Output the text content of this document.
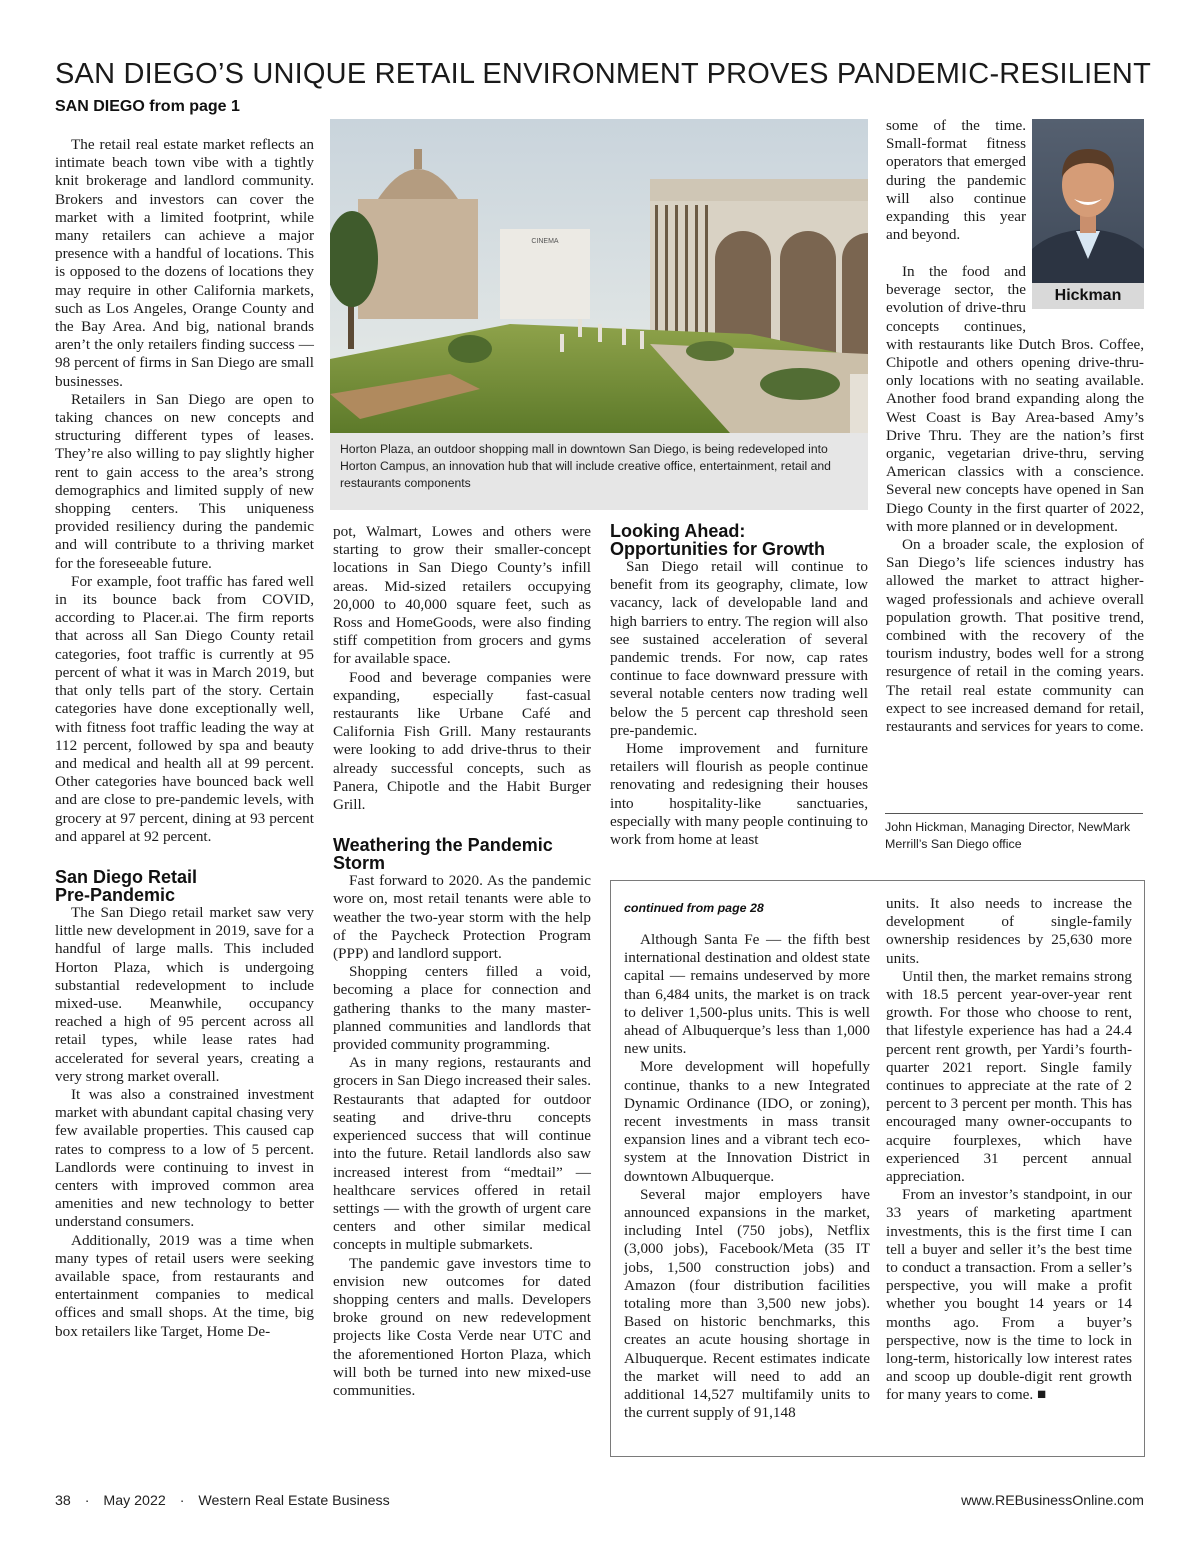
SAN DIEGO’S UNIQUE RETAIL ENVIRONMENT PROVES PANDEMIC-RESILIENT
SAN DIEGO from page 1

The retail real estate market reflects an intimate beach town vibe with a tightly knit brokerage and landlord community. Brokers and investors can cover the market with a limited footprint, while many retailers can achieve a major presence with a handful of locations. This is opposed to the dozens of locations they may require in other California markets, such as Los Angeles, Orange County and the Bay Area. And big, national brands aren’t the only retailers finding success — 98 percent of firms in San Diego are small businesses.

Retailers in San Diego are open to taking chances on new concepts and structuring different types of leases. They’re also willing to pay slightly higher rent to gain access to the area’s strong demographics and limited supply of new shopping centers. This uniqueness provided resiliency during the pandemic and will contribute to a thriving market for the foreseeable future.

For example, foot traffic has fared well in its bounce back from COVID, according to Placer.ai. The firm reports that across all San Diego County retail categories, foot traffic is currently at 95 percent of what it was in March 2019, but that only tells part of the story. Certain categories have done exceptionally well, with fitness foot traffic leading the way at 112 percent, followed by spa and beauty and medical and health all at 99 percent. Other categories have bounced back well and are close to pre-pandemic levels, with grocery at 97 percent, dining at 93 percent and apparel at 92 percent.

San Diego Retail Pre-Pandemic

The San Diego retail market saw very little new development in 2019, save for a handful of large malls. This included Horton Plaza, which is undergoing substantial redevelopment to include mixed-use. Meanwhile, occupancy reached a high of 95 percent across all retail types, while lease rates had accelerated for several years, creating a very strong market overall.

It was also a constrained investment market with abundant capital chasing very few available properties. This caused cap rates to compress to a low of 5 percent. Landlords were continuing to invest in centers with improved common area amenities and new technology to better understand consumers.

Additionally, 2019 was a time when many types of retail users were seeking available space, from restaurants and entertainment companies to medical offices and small shops. At the time, big box retailers like Target, Home De-

CINEMA
Horton Plaza, an outdoor shopping mall in downtown San Diego, is being redeveloped into Horton Campus, an innovation hub that will include creative office, entertainment, retail and restaurants components

pot, Walmart, Lowes and others were starting to grow their smaller-concept locations in San Diego County’s infill areas. Mid-sized retailers occupying 20,000 to 40,000 square feet, such as Ross and HomeGoods, were also finding stiff competition from grocers and gyms for available space.

Food and beverage companies were expanding, especially fast-casual restaurants like Urbane Café and California Fish Grill. Many restaurants were looking to add drive-thrus to their already successful concepts, such as Panera, Chipotle and the Habit Burger Grill.

Weathering the Pandemic Storm

Fast forward to 2020. As the pandemic wore on, most retail tenants were able to weather the two-year storm with the help of the Paycheck Protection Program (PPP) and landlord support.

Shopping centers filled a void, becoming a place for connection and gathering thanks to the many master-planned communities and landlords that provided community programming.

As in many regions, restaurants and grocers in San Diego increased their sales. Restaurants that adapted for outdoor seating and drive-thru concepts experienced success that will continue into the future. Retail landlords also saw increased interest from “medtail” — healthcare services offered in retail settings — with the growth of urgent care centers and other similar medical concepts in multiple submarkets.

The pandemic gave investors time to envision new outcomes for dated shopping centers and malls. Developers broke ground on new redevelopment projects like Costa Verde near UTC and the aforementioned Horton Plaza, which will both be turned into new mixed-use communities.

Looking Ahead: Opportunities for Growth

San Diego retail will continue to benefit from its geography, climate, low vacancy, lack of developable land and high barriers to entry. The region will also see sustained acceleration of several pandemic trends. For now, cap rates continue to face downward pressure with several notable centers now trading well below the 5 percent cap threshold seen pre-pandemic.

Home improvement and furniture retailers will flourish as people continue renovating and redesigning their houses into hospitality-like sanctuaries, especially with many people continuing to work from home at least

Hickman

some of the time. Small-format fitness operators that emerged during the pandemic will also continue expanding this year and beyond.

In the food and beverage sector, the evolution of drive-thru concepts continues, with restaurants like Dutch Bros. Coffee, Chipotle and others opening drive-thru-only locations with no seating available. Another food brand expanding along the West Coast is Bay Area-based Amy’s Drive Thru. They are the nation’s first organic, vegetarian drive-thru, serving American classics with a conscience. Several new concepts have opened in San Diego County in the first quarter of 2022, with more planned or in development.

On a broader scale, the explosion of San Diego’s life sciences industry has allowed the market to attract higher-waged professionals and achieve overall population growth. That positive trend, combined with the recovery of the tourism industry, bodes well for a strong resurgence of retail in the coming years. The retail real estate community can expect to see increased demand for retail, restaurants and services for years to come.

John Hickman, Managing Director, NewMark Merrill’s San Diego office
continued from page 28

Although Santa Fe — the fifth best international destination and oldest state capital — remains undeserved by more than 6,484 units, the market is on track to deliver 1,500-plus units. This is well ahead of Albuquerque’s less than 1,000 new units.

More development will hopefully continue, thanks to a new Integrated Dynamic Ordinance (IDO, or zoning), recent investments in mass transit expansion lines and a vibrant tech eco-system at the Innovation District in downtown Albuquerque.

Several major employers have announced expansions in the market, including Intel (750 jobs), Netflix (3,000 jobs), Facebook/Meta (35 IT jobs, 1,500 construction jobs) and Amazon (four distribution facilities totaling more than 3,500 new jobs). Based on historic benchmarks, this creates an acute housing shortage in Albuquerque. Recent estimates indicate the market will need to add an additional 14,527 multifamily units to the current supply of 91,148

units. It also needs to increase the development of single-family ownership residences by 25,630 more units.

Until then, the market remains strong with 18.5 percent year-over-year rent growth. For those who choose to rent, that lifestyle experience has had a 24.4 percent rent growth, per Yardi’s fourth-quarter 2021 report. Single family continues to appreciate at the rate of 2 percent to 3 percent per month. This has encouraged many owner-occupants to acquire fourplexes, which have experienced 31 percent annual appreciation.

From an investor’s standpoint, in our 33 years of marketing apartment investments, this is the first time I can tell a buyer and seller it’s the best time to conduct a transaction. From a seller’s perspective, you will make a profit whether you bought 14 years or 14 months ago. From a buyer’s perspective, now is the time to lock in long-term, historically low interest rates and scoop up double-digit rent growth for many years to come. ■

38 · May 2022 · Western Real Estate Business	www.REBusinessOnline.com
